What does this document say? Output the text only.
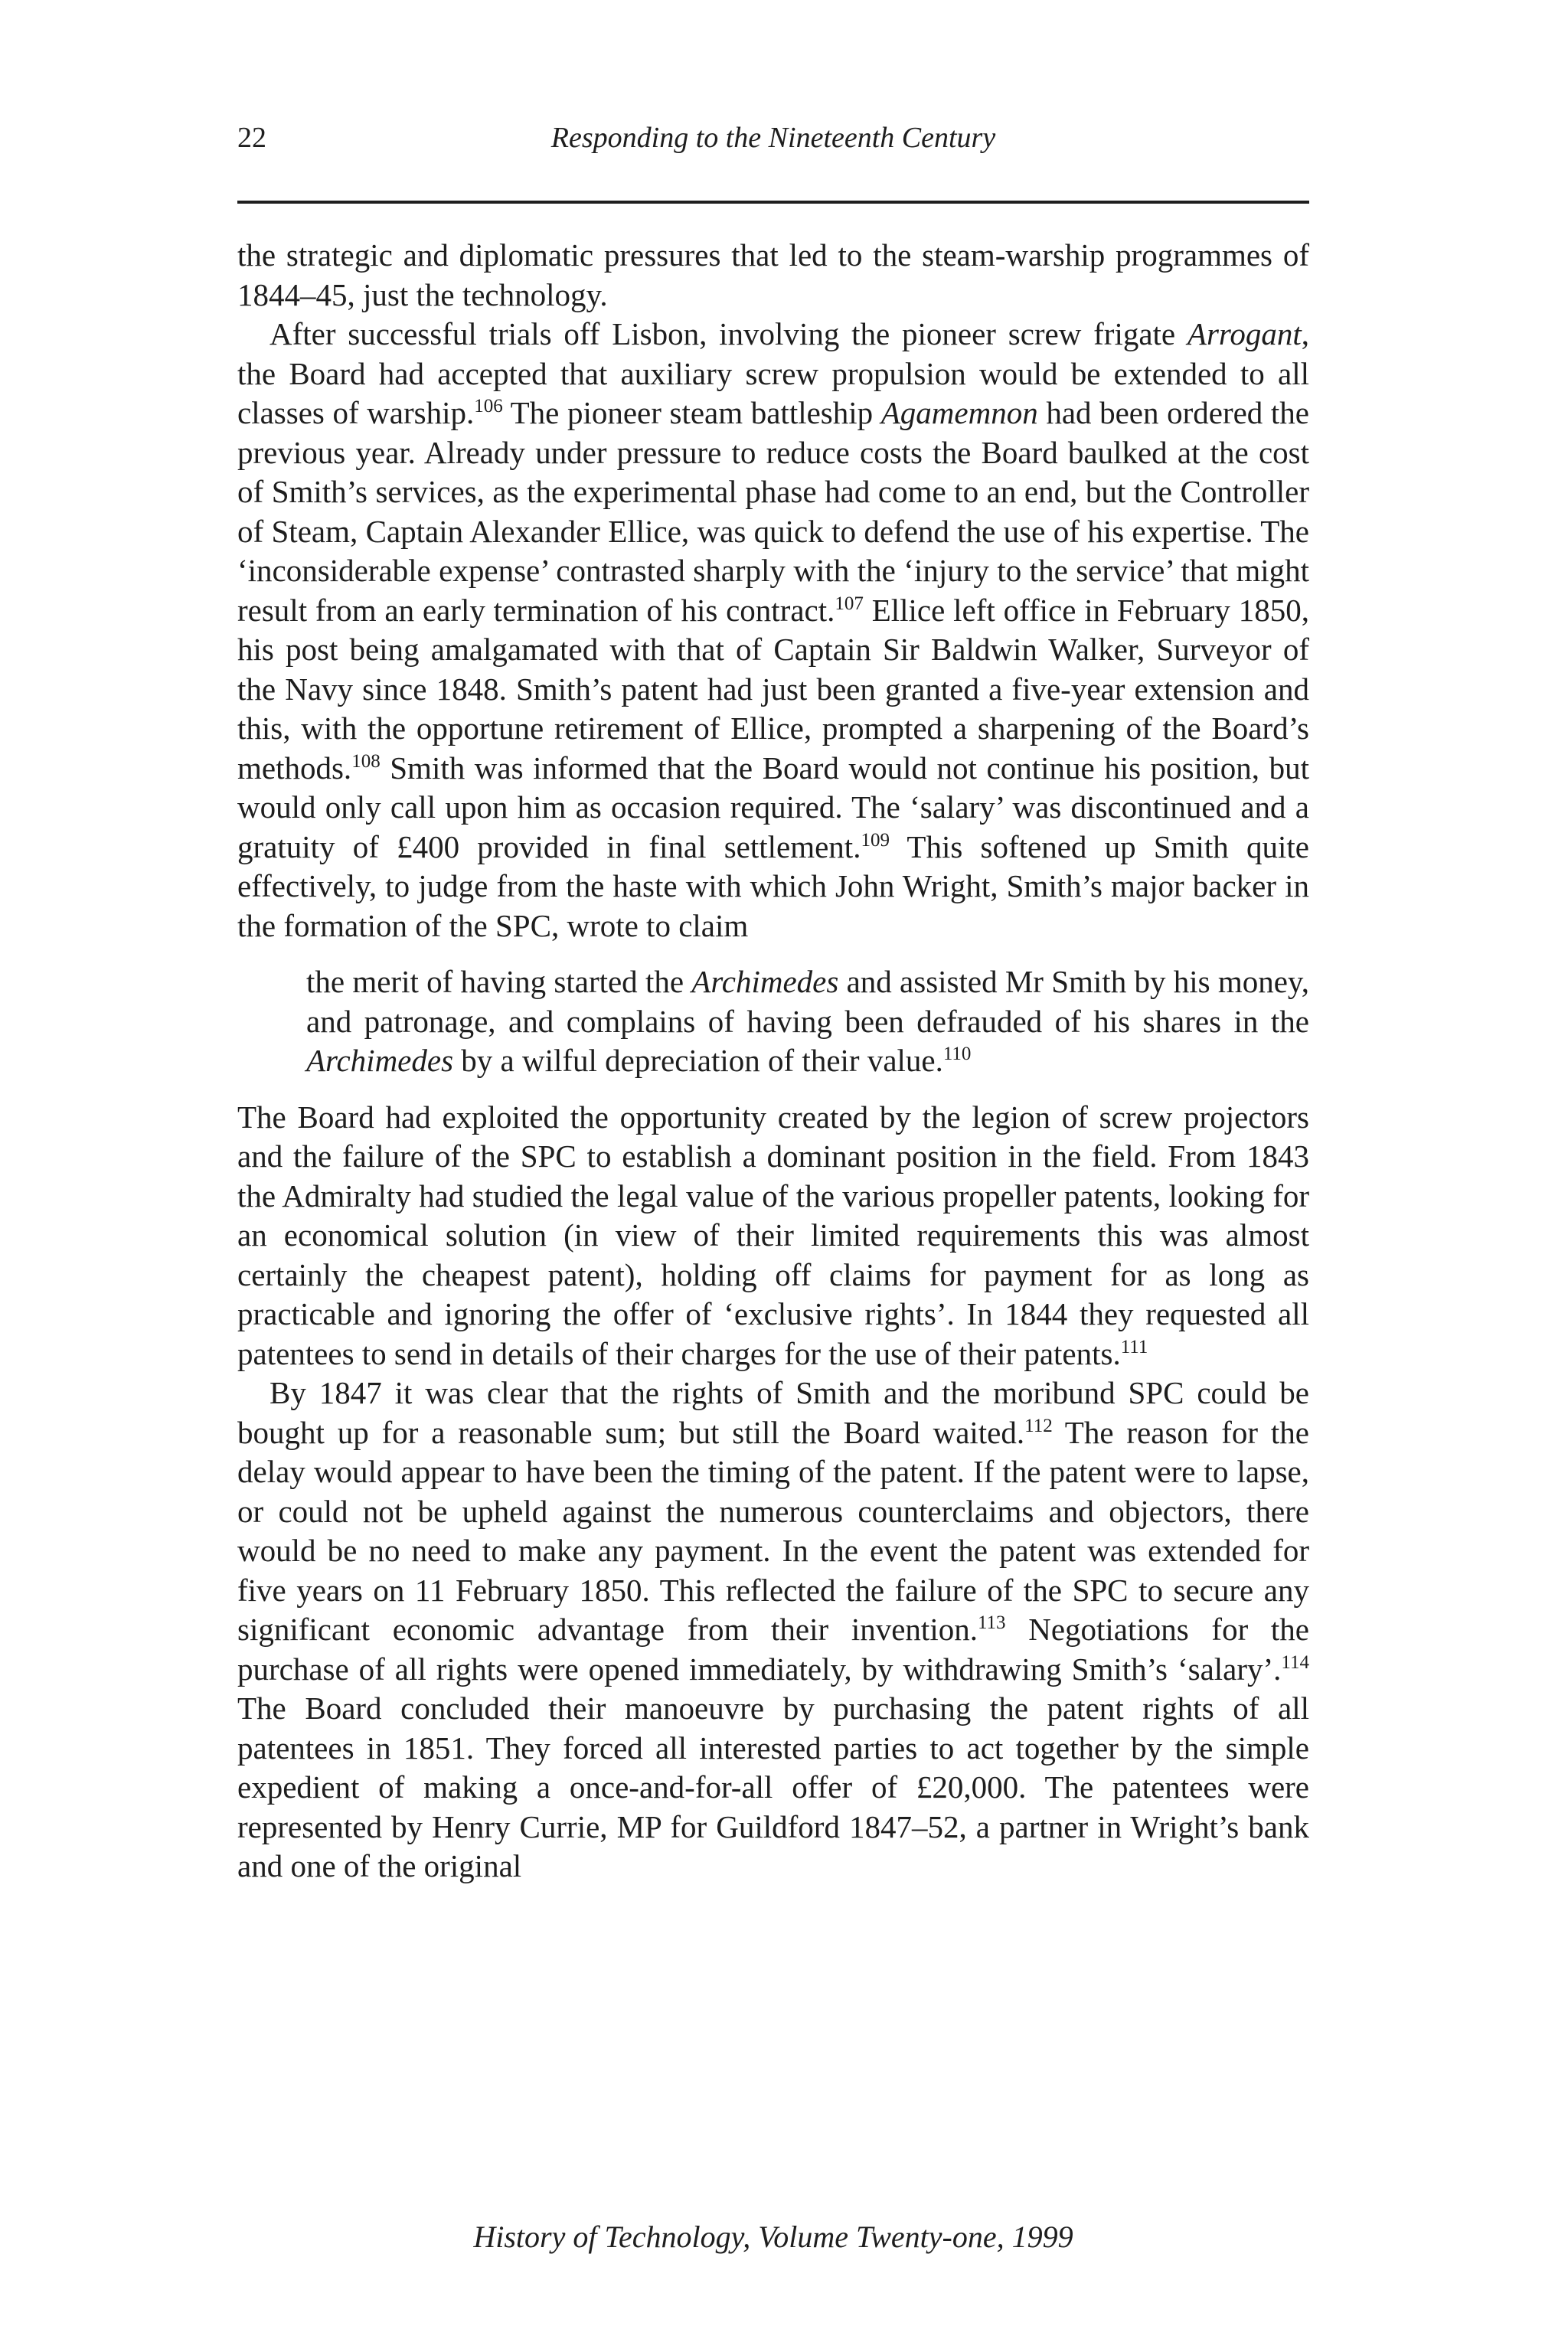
22	Responding to the Nineteenth Century

the strategic and diplomatic pressures that led to the steam-warship programmes of 1844–45, just the technology.

After successful trials off Lisbon, involving the pioneer screw frigate Arrogant, the Board had accepted that auxiliary screw propulsion would be extended to all classes of warship.$^{106}$ The pioneer steam battleship Agamemnon had been ordered the previous year. Already under pressure to reduce costs the Board baulked at the cost of Smith’s services, as the experimental phase had come to an end, but the Controller of Steam, Captain Alexander Ellice, was quick to defend the use of his expertise. The ‘inconsiderable expense’ contrasted sharply with the ‘injury to the service’ that might result from an early termination of his contract.$^{107}$ Ellice left office in February 1850, his post being amalgamated with that of Captain Sir Baldwin Walker, Surveyor of the Navy since 1848. Smith’s patent had just been granted a five-year extension and this, with the opportune retirement of Ellice, prompted a sharpening of the Board’s methods.$^{108}$ Smith was informed that the Board would not continue his position, but would only call upon him as occasion required. The ‘salary’ was discontinued and a gratuity of £400 provided in final settlement.$^{109}$ This softened up Smith quite effectively, to judge from the haste with which John Wright, Smith’s major backer in the formation of the SPC, wrote to claim

the merit of having started the Archimedes and assisted Mr Smith by his money, and patronage, and complains of having been defrauded of his shares in the Archimedes by a wilful depreciation of their value.$^{110}$

The Board had exploited the opportunity created by the legion of screw projectors and the failure of the SPC to establish a dominant position in the field. From 1843 the Admiralty had studied the legal value of the various propeller patents, looking for an economical solution (in view of their limited requirements this was almost certainly the cheapest patent), holding off claims for payment for as long as practicable and ignoring the offer of ‘exclusive rights’. In 1844 they requested all patentees to send in details of their charges for the use of their patents.$^{111}$

By 1847 it was clear that the rights of Smith and the moribund SPC could be bought up for a reasonable sum; but still the Board waited.$^{112}$ The reason for the delay would appear to have been the timing of the patent. If the patent were to lapse, or could not be upheld against the numerous counterclaims and objectors, there would be no need to make any payment. In the event the patent was extended for five years on 11 February 1850. This reflected the failure of the SPC to secure any significant economic advantage from their invention.$^{113}$ Negotiations for the purchase of all rights were opened immediately, by withdrawing Smith’s ‘salary’.$^{114}$ The Board concluded their manoeuvre by purchasing the patent rights of all patentees in 1851. They forced all interested parties to act together by the simple expedient of making a once-and-for-all offer of £20,000. The patentees were represented by Henry Currie, MP for Guildford 1847–52, a partner in Wright’s bank and one of the original

History of Technology, Volume Twenty-one, 1999
